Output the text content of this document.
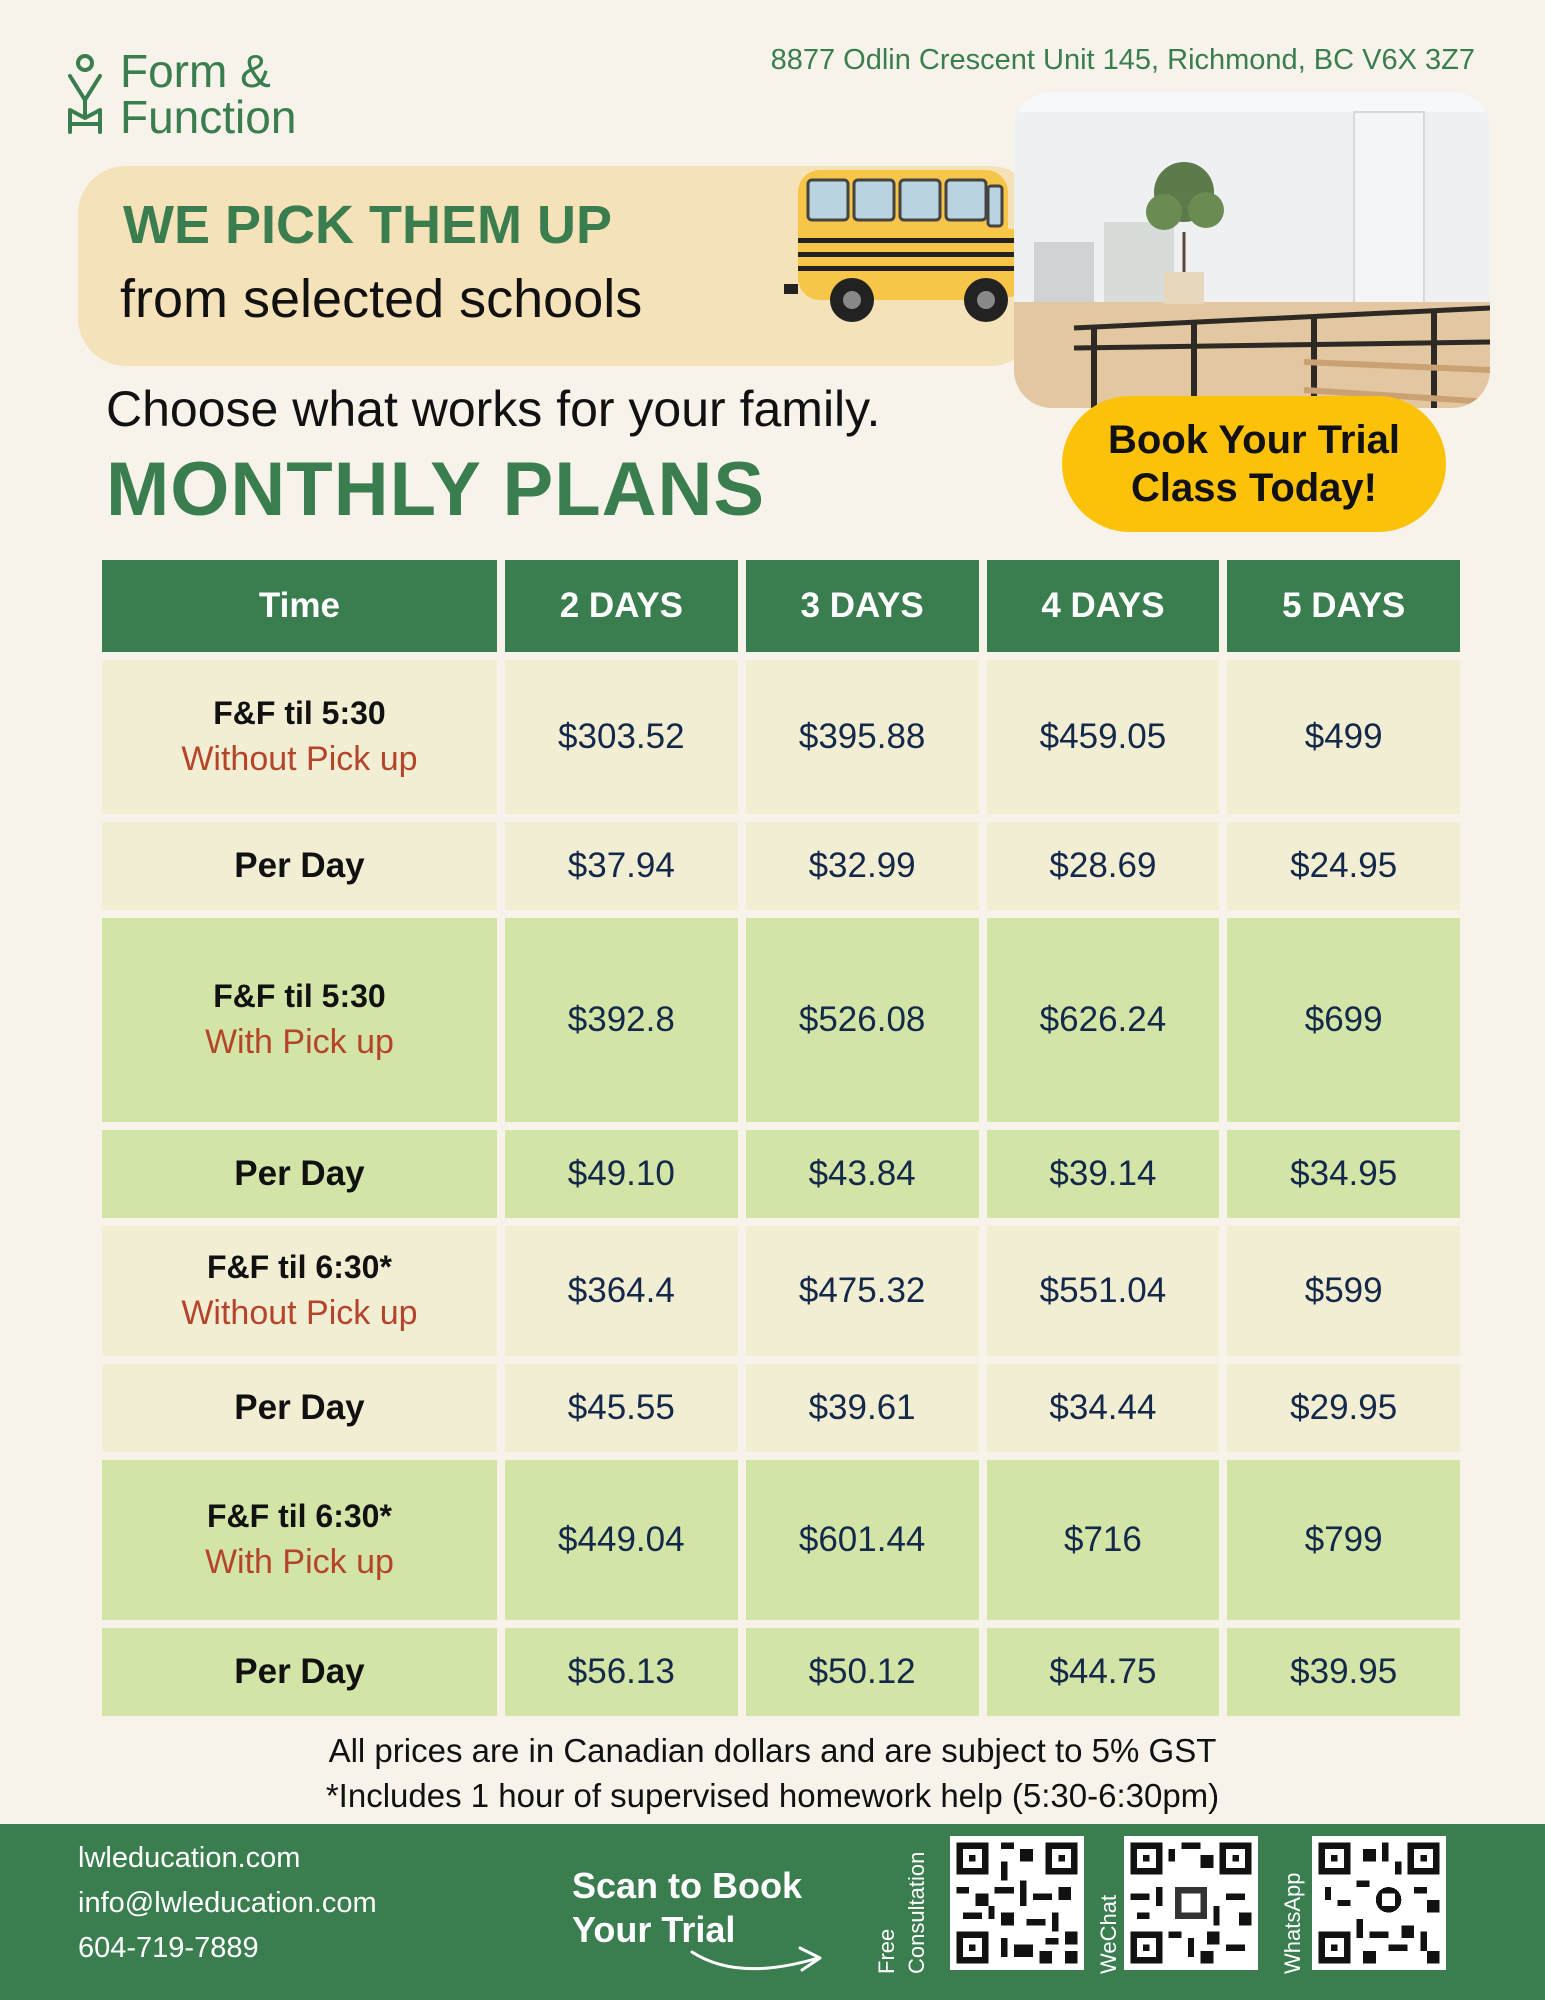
Form &
Function
8877 Odlin Crescent Unit 145, Richmond, BC V6X 3Z7
WE PICK THEM UP
from selected schools
Choose what works for your family.
MONTHLY PLANS
Book Your Trial Class Today!
Time	2 DAYS	3 DAYS	4 DAYS	5 DAYS

F&F til 5:30
Without Pick up	$303.52	$395.88	$459.05	$499
Per Day	$37.94	$32.99	$28.69	$24.95

F&F til 5:30
With Pick up	$392.8	$526.08	$626.24	$699
Per Day	$49.10	$43.84	$39.14	$34.95

F&F til 6:30*
Without Pick up	$364.4	$475.32	$551.04	$599
Per Day	$45.55	$39.61	$34.44	$29.95

F&F til 6:30*
With Pick up	$449.04	$601.44	$716	$799
Per Day	$56.13	$50.12	$44.75	$39.95
All prices are in Canadian dollars and are subject to 5% GST
*Includes 1 hour of supervised homework help (5:30-6:30pm)
lwleducation.com
info@lwleducation.com
604-719-7889
Scan to Book
Your Trial	Free Consultation	WeChat	WhatsApp
